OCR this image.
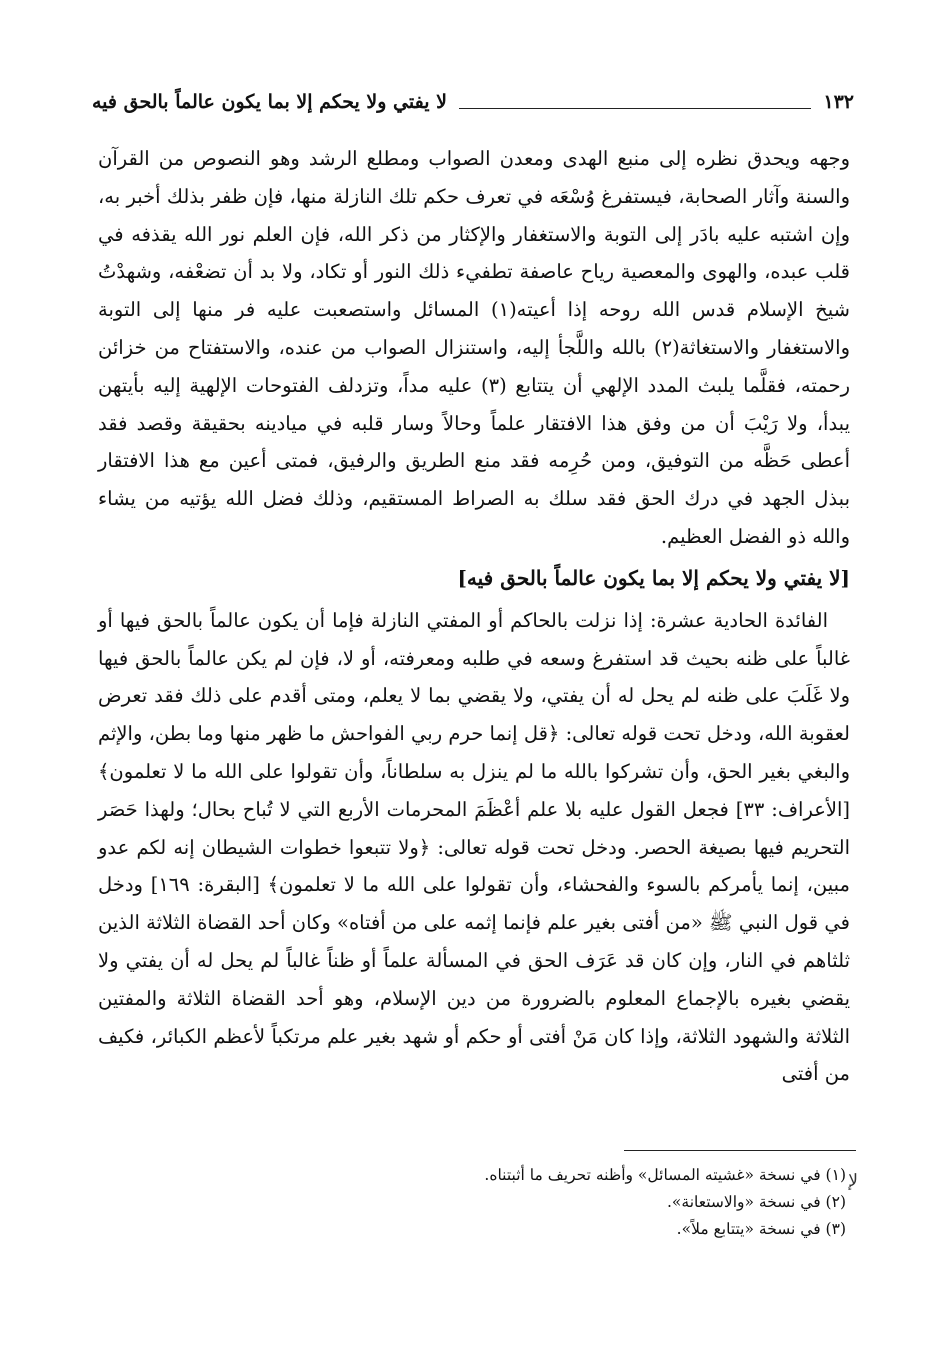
١٣٢
لا يفتي ولا يحكم إلا بما يكون عالماً بالحق فيه

وجهه ويحدق نظره إلى منبع الهدى ومعدن الصواب ومطلع الرشد وهو النصوص من القرآن والسنة وآثار الصحابة، فيستفرغ وُسْعَه في تعرف حكم تلك النازلة منها، فإن ظفر بذلك أخبر به، وإن اشتبه عليه بادَر إلى التوبة والاستغفار والإكثار من ذكر الله، فإن العلم نور الله يقذفه في قلب عبده، والهوى والمعصية رياح عاصفة تطفيء ذلك النور أو تكاد، ولا بد أن تضعْفه، وشهدْتُ شيخ الإسلام قدس الله روحه إذا أعيته(١) المسائل واستصعبت عليه فر منها إلى التوبة والاستغفار والاستغاثة(٢) بالله واللَّجأ إليه، واستنزال الصواب من عنده، والاستفتاح من خزائن رحمته، فقلَّما يلبث المدد الإلهي أن يتتابع (٣) عليه مداً، وتزدلف الفتوحات الإلهية إليه بأيتهن يبدأ، ولا رَيْبَ أن من وفق هذا الافتقار علماً وحالاً وسار قلبه في ميادينه بحقيقة وقصد فقد أعطى حَظَّه من التوفيق، ومن حُرِمه فقد منع الطريق والرفيق، فمتى أعين مع هذا الافتقار ببذل الجهد في درك الحق فقد سلك به الصراط المستقيم، وذلك فضل الله يؤتيه من يشاء والله ذو الفضل العظيم.

[لا يفتي ولا يحكم إلا بما يكون عالماً بالحق فيه]

الفائدة الحادية عشرة: إذا نزلت بالحاكم أو المفتي النازلة فإما أن يكون عالماً بالحق فيها أو غالباً على ظنه بحيث قد استفرغ وسعه في طلبه ومعرفته، أو لا، فإن لم يكن عالماً بالحق فيها ولا غَلَبَ على ظنه لم يحل له أن يفتي، ولا يقضي بما لا يعلم، ومتى أقدم على ذلك فقد تعرض لعقوبة الله، ودخل تحت قوله تعالى: ﴿قل إنما حرم ربي الفواحش ما ظهر منها وما بطن، والإثم والبغي بغير الحق، وأن تشركوا بالله ما لم ينزل به سلطاناً، وأن تقولوا على الله ما لا تعلمون﴾ [الأعراف: ٣٣] فجعل القول عليه بلا علم أعْظَمَ المحرمات الأربع التي لا تُباح بحال؛ ولهذا حَصَر التحريم فيها بصيغة الحصر. ودخل تحت قوله تعالى: ﴿ولا تتبعوا خطوات الشيطان إنه لكم عدو مبين، إنما يأمركم بالسوء والفحشاء، وأن تقولوا على الله ما لا تعلمون﴾ [البقرة: ١٦٩] ودخل في قول النبي ﷺ «من أفتى بغير علم فإنما إثمه على من أفتاه» وكان أحد القضاة الثلاثة الذين ثلثاهم في النار، وإن كان قد عَرَف الحق في المسألة علماً أو ظناً غالباً لم يحل له أن يفتي ولا يقضي بغيره بالإجماع المعلوم بالضرورة من دين الإسلام، وهو أحد القضاة الثلاثة والمفتين الثلاثة والشهود الثلاثة، وإذا كان مَنْ أفتى أو حكم أو شهد بغير علم مرتكباً لأعظم الكبائر، فكيف من أفتى

ﻹ

(١) في نسخة «غشيته المسائل» وأظنه تحريف ما أثبتناه.

(٢) في نسخة «والاستعانة».

(٣) في نسخة «يتتابع ملاً».
